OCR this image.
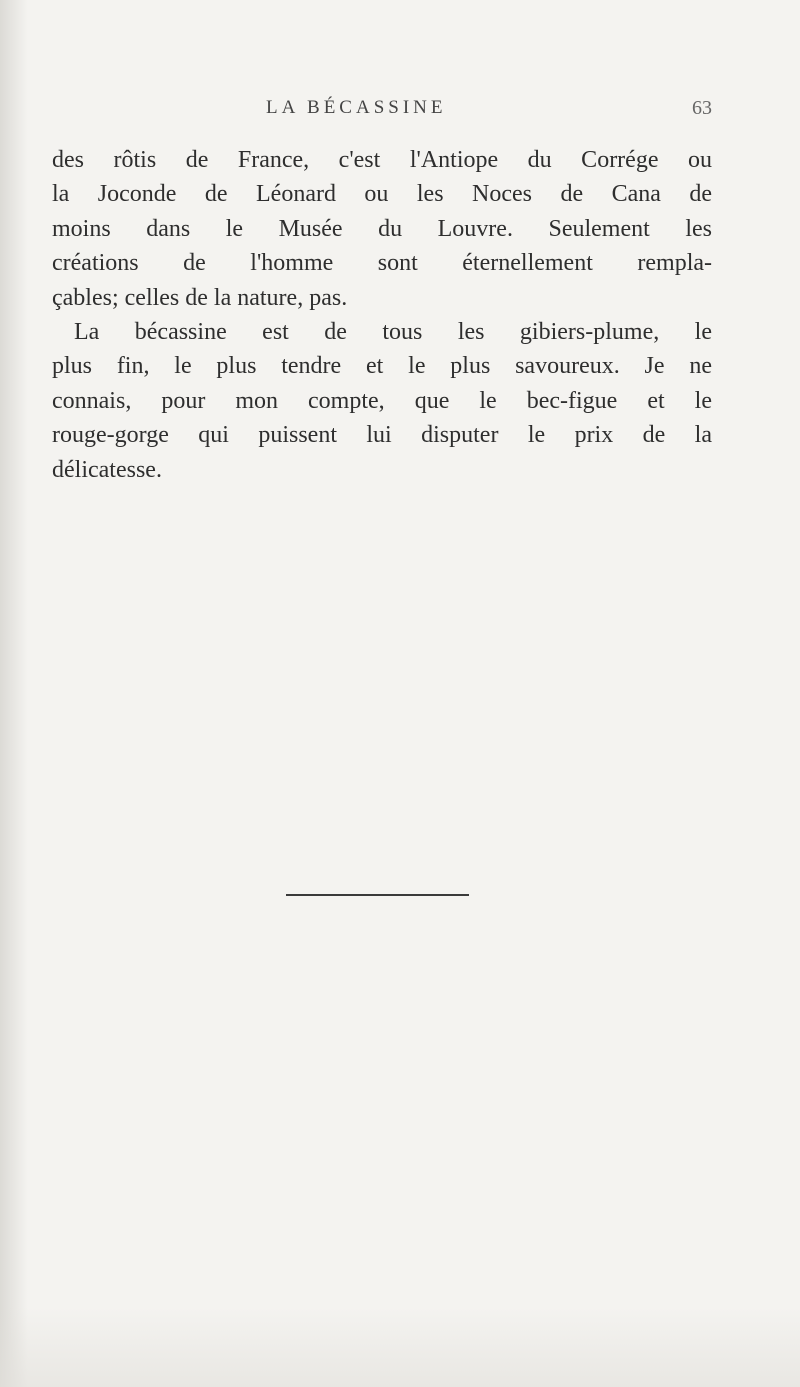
LA BÉCASSINE	63
des rôtis de France, c'est l'Antiope du Corrége ou
la Joconde de Léonard ou les Noces de Cana de
moins dans le Musée du Louvre. Seulement les
créations de l'homme sont éternellement rempla-
çables; celles de la nature, pas.
La bécassine est de tous les gibiers-plume, le
plus fin, le plus tendre et le plus savoureux. Je ne
connais, pour mon compte, que le bec-figue et le
rouge-gorge qui puissent lui disputer le prix de la
délicatesse.
